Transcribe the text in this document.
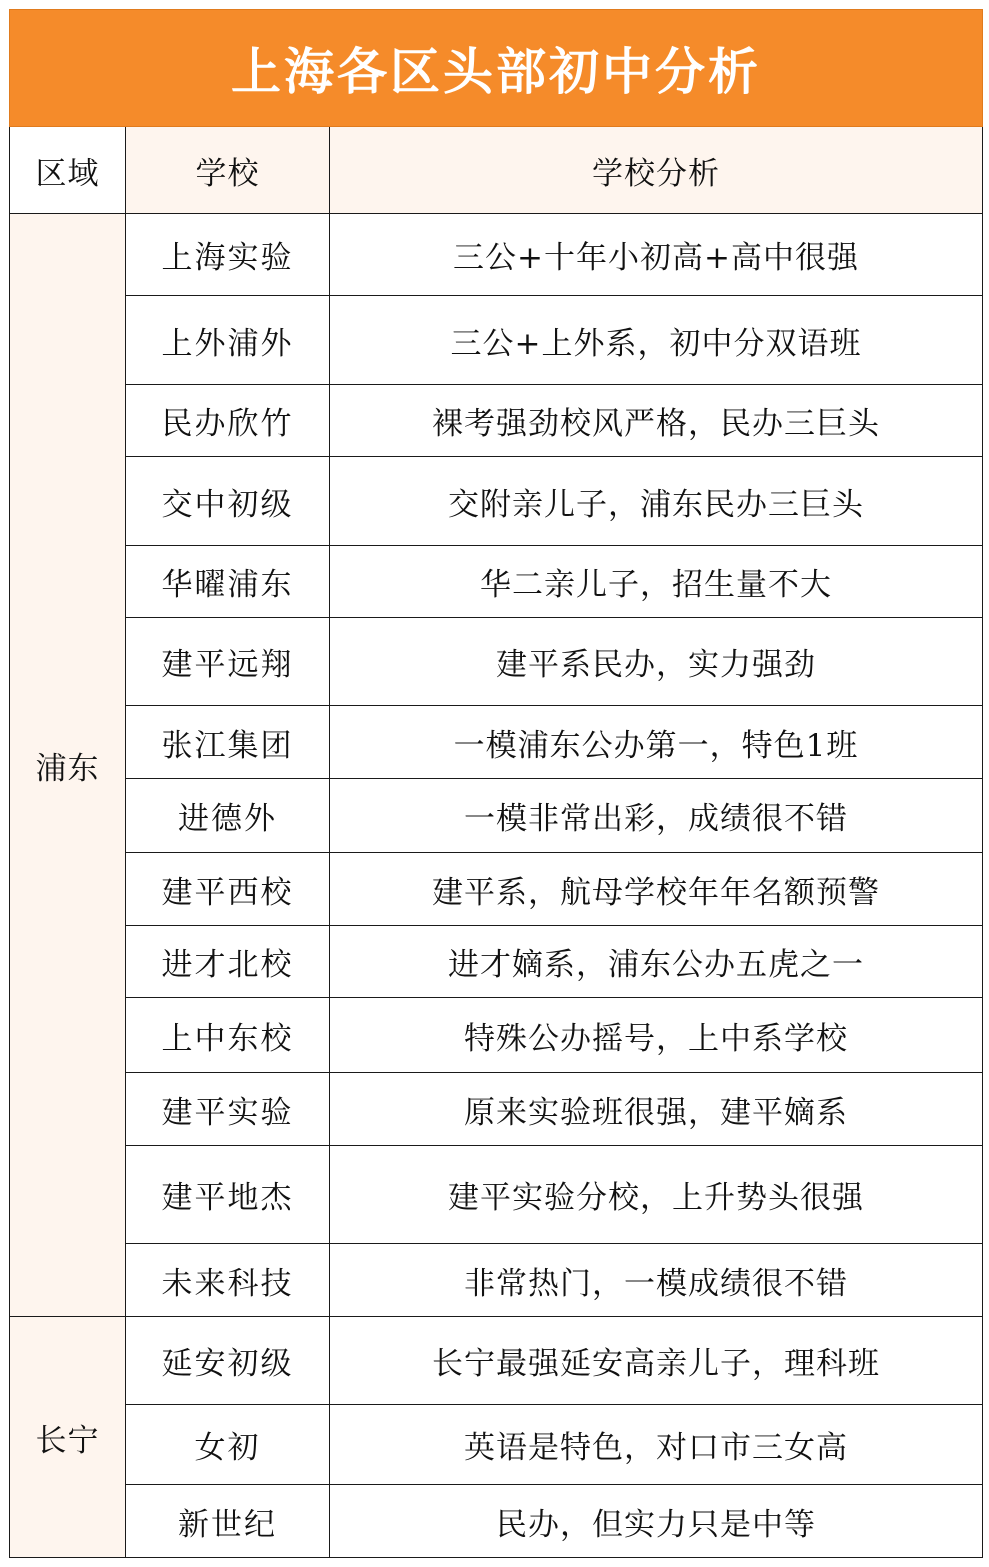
上海各区头部初中分析		
区域	学校	学校分析
浦东	上海实验	三公+十年小初高+高中很强
	上外浦外	三公+上外系，初中分双语班
	民办欣竹	裸考强劲校风严格，民办三巨头
	交中初级	交附亲儿子，浦东民办三巨头
	华曜浦东	华二亲儿子，招生量不大
	建平远翔	建平系民办，实力强劲
	张江集团	一模浦东公办第一，特色1班
	进德外	一模非常出彩，成绩很不错
	建平西校	建平系，航母学校年年名额预警
	进才北校	进才嫡系，浦东公办五虎之一
	上中东校	特殊公办摇号，上中系学校
	建平实验	原来实验班很强，建平嫡系
	建平地杰	建平实验分校，上升势头很强
	未来科技	非常热门，一模成绩很不错
长宁	延安初级	长宁最强延安高亲儿子，理科班
	女初	英语是特色，对口市三女高
	新世纪	民办，但实力只是中等
